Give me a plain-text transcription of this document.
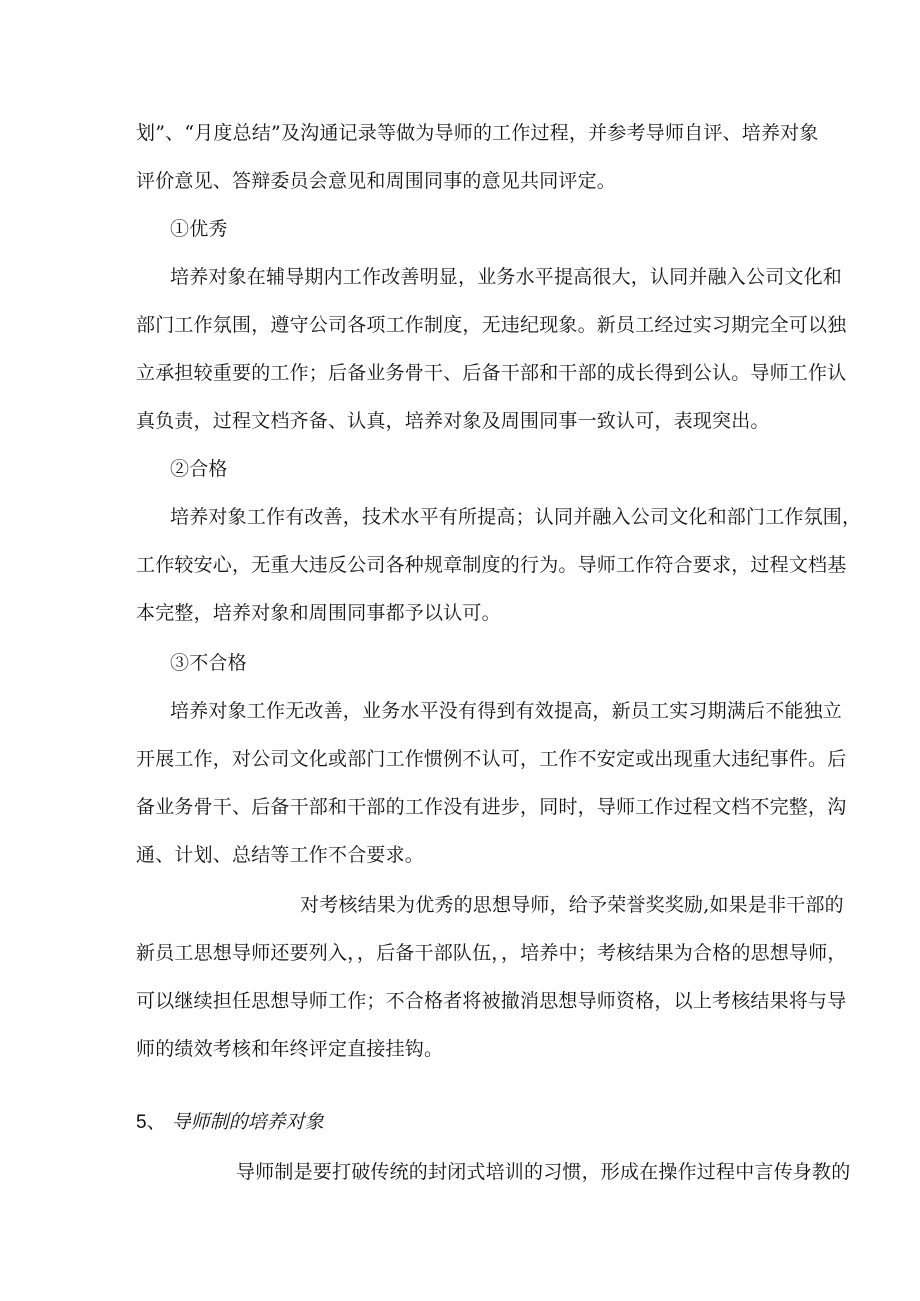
划”、“月度总结”及沟通记录等做为导师的工作过程，并参考导师自评、培养对象
评价意见、答辩委员会意见和周围同事的意见共同评定。
①优秀
培养对象在辅导期内工作改善明显，业务水平提高很大，认同并融入公司文化和
部门工作氛围，遵守公司各项工作制度，无违纪现象。新员工经过实习期完全可以独
立承担较重要的工作；后备业务骨干、后备干部和干部的成长得到公认。导师工作认
真负责，过程文档齐备、认真，培养对象及周围同事一致认可，表现突出。
②合格
培养对象工作有改善，技术水平有所提高；认同并融入公司文化和部门工作氛围，
工作较安心，无重大违反公司各种规章制度的行为。导师工作符合要求，过程文档基
本完整，培养对象和周围同事都予以认可。
③不合格
培养对象工作无改善，业务水平没有得到有效提高，新员工实习期满后不能独立
开展工作，对公司文化或部门工作惯例不认可，工作不安定或出现重大违纪事件。后
备业务骨干、后备干部和干部的工作没有进步，同时，导师工作过程文档不完整，沟
通、计划、总结等工作不合要求。
对考核结果为优秀的思想导师，给予荣誉奖奖励,如果是非干部的
新员工思想导师还要列入，，后备干部队伍，，培养中；考核结果为合格的思想导师，
可以继续担任思想导师工作；不合格者将被撤消思想导师资格，以上考核结果将与导
师的绩效考核和年终评定直接挂钩。
5、 导师制的培养对象
导师制是要打破传统的封闭式培训的习惯，形成在操作过程中言传身教的
